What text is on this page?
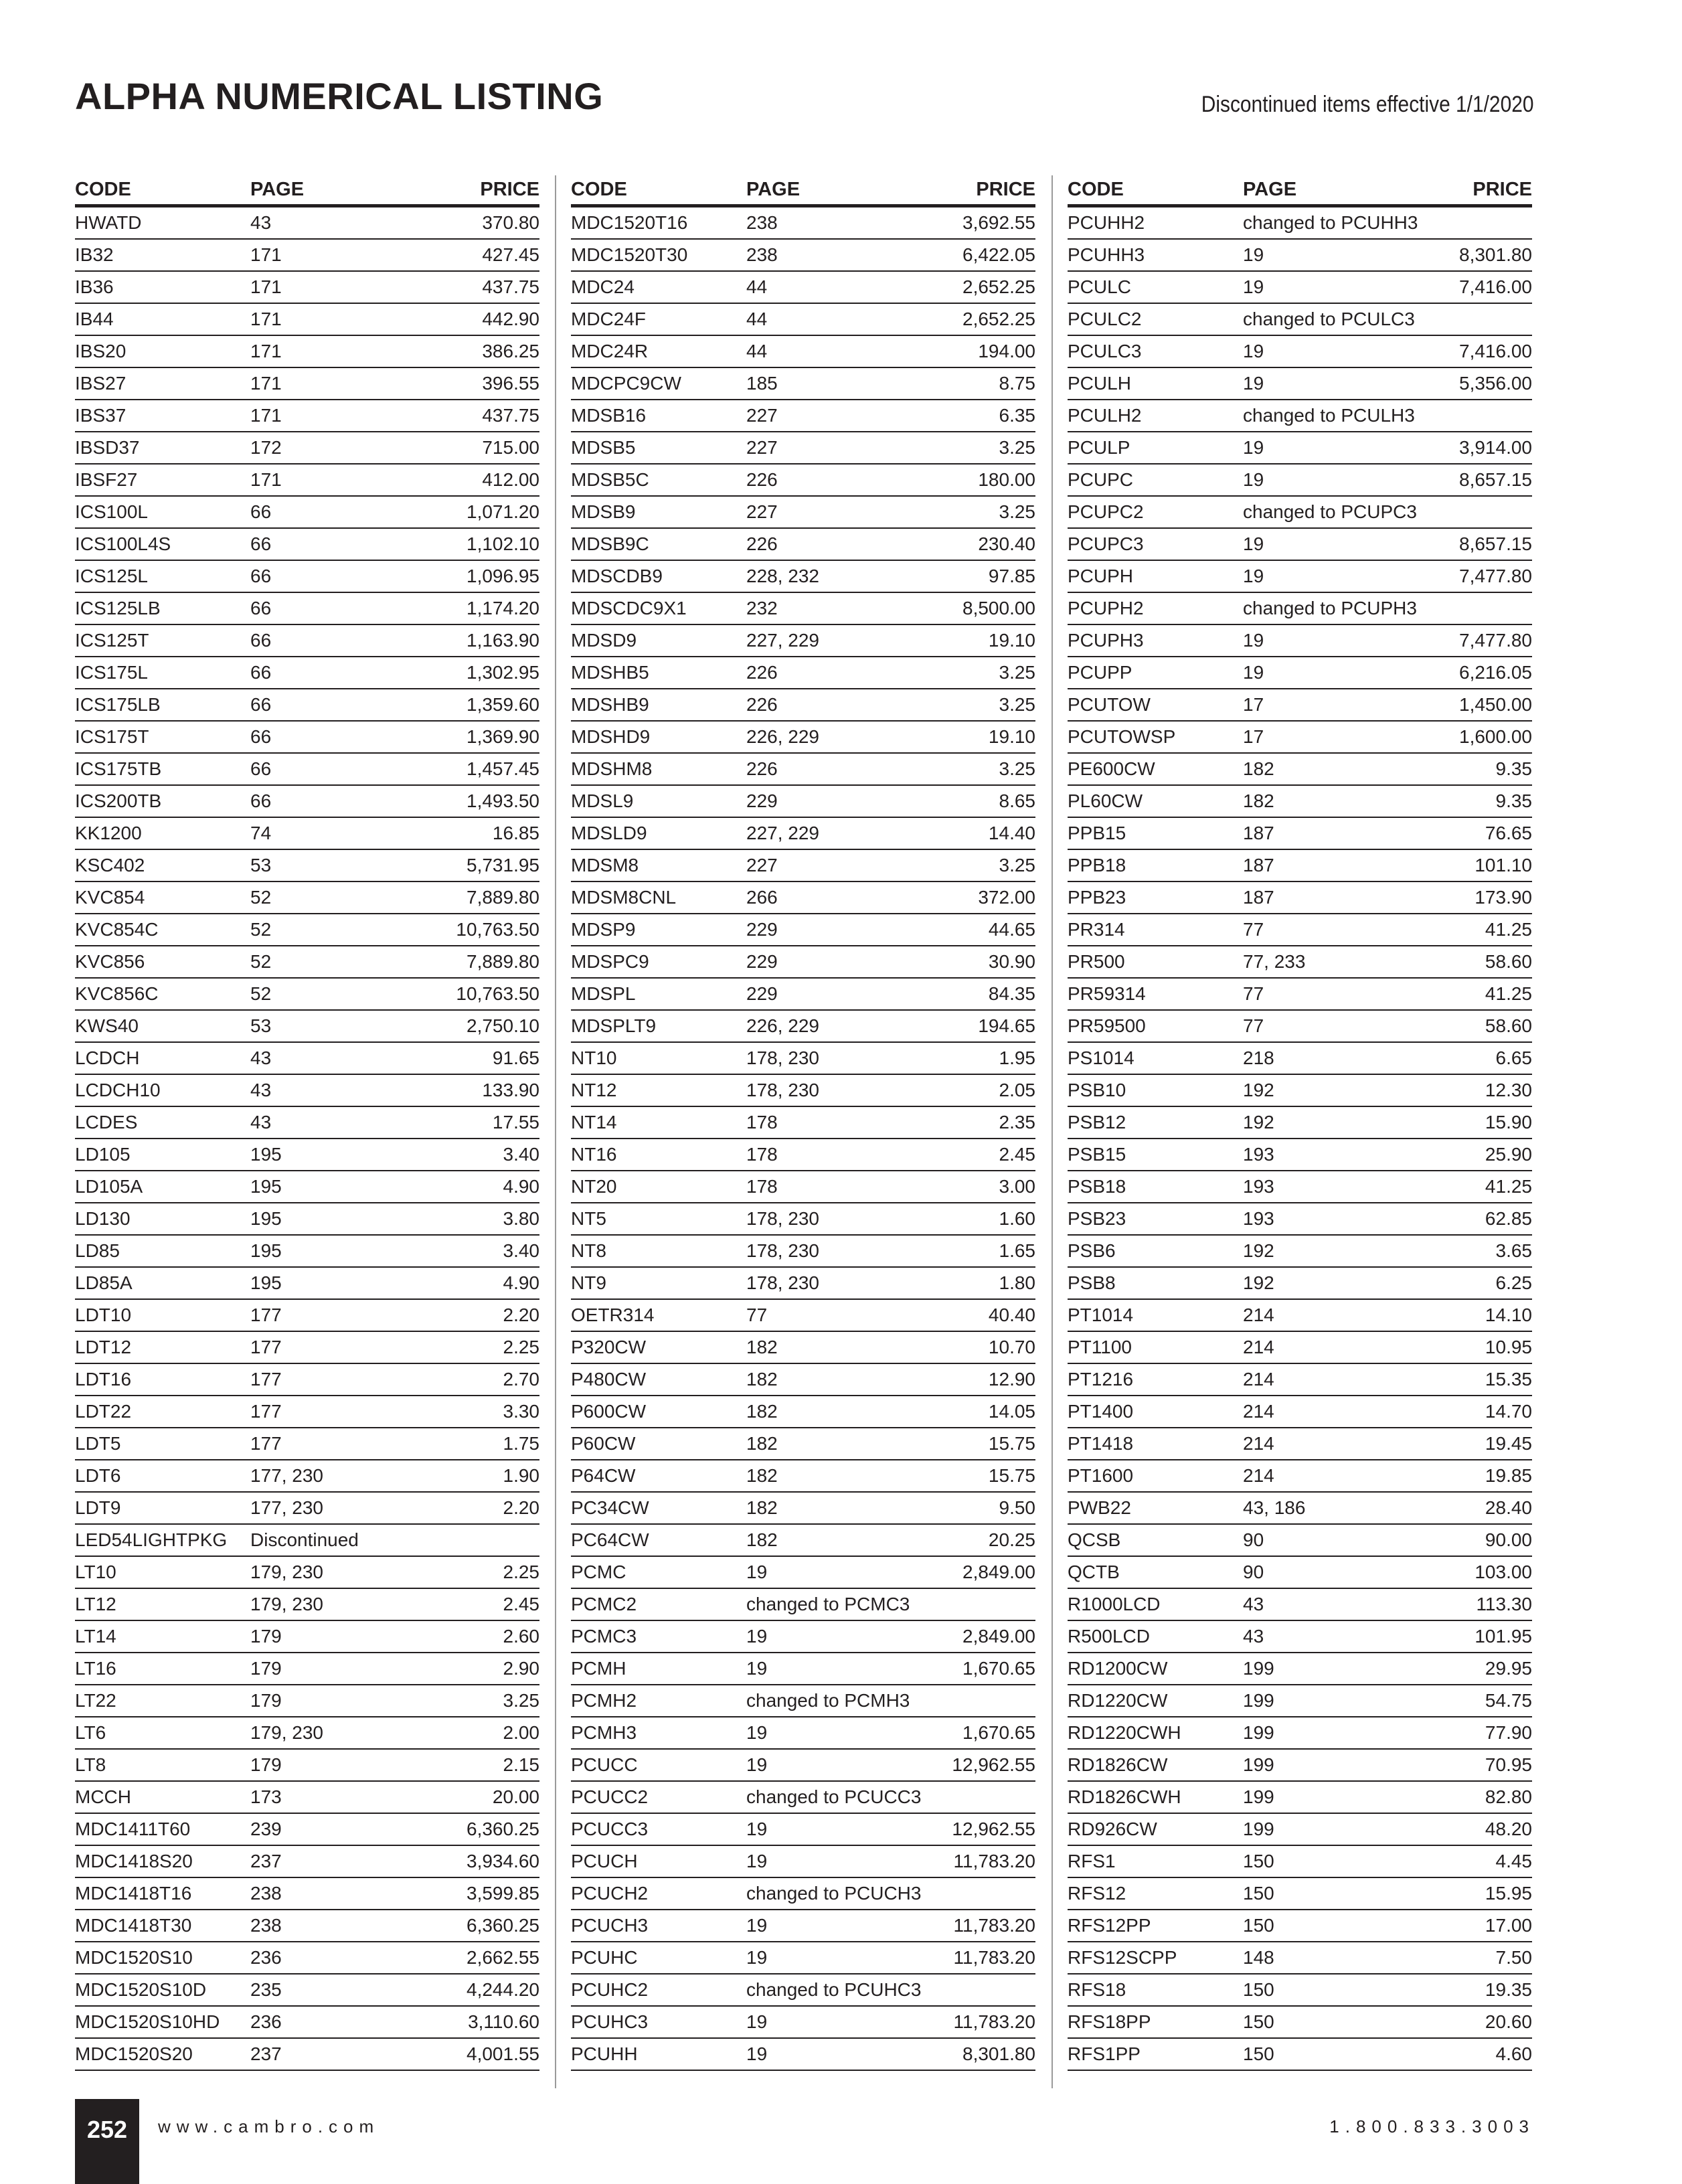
ALPHA NUMERICAL LISTING	Discontinued items effective 1/1/2020
CODE	PAGE	PRICE
HWATD	43	370.80
IB32	171	427.45
IB36	171	437.75
IB44	171	442.90
IBS20	171	386.25
IBS27	171	396.55
IBS37	171	437.75
IBSD37	172	715.00
IBSF27	171	412.00
ICS100L	66	1,071.20
ICS100L4S	66	1,102.10
ICS125L	66	1,096.95
ICS125LB	66	1,174.20
ICS125T	66	1,163.90
ICS175L	66	1,302.95
ICS175LB	66	1,359.60
ICS175T	66	1,369.90
ICS175TB	66	1,457.45
ICS200TB	66	1,493.50
KK1200	74	16.85
KSC402	53	5,731.95
KVC854	52	7,889.80
KVC854C	52	10,763.50
KVC856	52	7,889.80
KVC856C	52	10,763.50
KWS40	53	2,750.10
LCDCH	43	91.65
LCDCH10	43	133.90
LCDES	43	17.55
LD105	195	3.40
LD105A	195	4.90
LD130	195	3.80
LD85	195	3.40
LD85A	195	4.90
LDT10	177	2.20
LDT12	177	2.25
LDT16	177	2.70
LDT22	177	3.30
LDT5	177	1.75
LDT6	177, 230	1.90
LDT9	177, 230	2.20
LED54LIGHTPKG	Discontinued
LT10	179, 230	2.25
LT12	179, 230	2.45
LT14	179	2.60
LT16	179	2.90
LT22	179	3.25
LT6	179, 230	2.00
LT8	179	2.15
MCCH	173	20.00
MDC1411T60	239	6,360.25
MDC1418S20	237	3,934.60
MDC1418T16	238	3,599.85
MDC1418T30	238	6,360.25
MDC1520S10	236	2,662.55
MDC1520S10D	235	4,244.20
MDC1520S10HD	236	3,110.60
MDC1520S20	237	4,001.55
CODE	PAGE	PRICE
MDC1520T16	238	3,692.55
MDC1520T30	238	6,422.05
MDC24	44	2,652.25
MDC24F	44	2,652.25
MDC24R	44	194.00
MDCPC9CW	185	8.75
MDSB16	227	6.35
MDSB5	227	3.25
MDSB5C	226	180.00
MDSB9	227	3.25
MDSB9C	226	230.40
MDSCDB9	228, 232	97.85
MDSCDC9X1	232	8,500.00
MDSD9	227, 229	19.10
MDSHB5	226	3.25
MDSHB9	226	3.25
MDSHD9	226, 229	19.10
MDSHM8	226	3.25
MDSL9	229	8.65
MDSLD9	227, 229	14.40
MDSM8	227	3.25
MDSM8CNL	266	372.00
MDSP9	229	44.65
MDSPC9	229	30.90
MDSPL	229	84.35
MDSPLT9	226, 229	194.65
NT10	178, 230	1.95
NT12	178, 230	2.05
NT14	178	2.35
NT16	178	2.45
NT20	178	3.00
NT5	178, 230	1.60
NT8	178, 230	1.65
NT9	178, 230	1.80
OETR314	77	40.40
P320CW	182	10.70
P480CW	182	12.90
P600CW	182	14.05
P60CW	182	15.75
P64CW	182	15.75
PC34CW	182	9.50
PC64CW	182	20.25
PCMC	19	2,849.00
PCMC2	changed to PCMC3
PCMC3	19	2,849.00
PCMH	19	1,670.65
PCMH2	changed to PCMH3
PCMH3	19	1,670.65
PCUCC	19	12,962.55
PCUCC2	changed to PCUCC3
PCUCC3	19	12,962.55
PCUCH	19	11,783.20
PCUCH2	changed to PCUCH3
PCUCH3	19	11,783.20
PCUHC	19	11,783.20
PCUHC2	changed to PCUHC3
PCUHC3	19	11,783.20
PCUHH	19	8,301.80
CODE	PAGE	PRICE
PCUHH2	changed to PCUHH3
PCUHH3	19	8,301.80
PCULC	19	7,416.00
PCULC2	changed to PCULC3
PCULC3	19	7,416.00
PCULH	19	5,356.00
PCULH2	changed to PCULH3
PCULP	19	3,914.00
PCUPC	19	8,657.15
PCUPC2	changed to PCUPC3
PCUPC3	19	8,657.15
PCUPH	19	7,477.80
PCUPH2	changed to PCUPH3
PCUPH3	19	7,477.80
PCUPP	19	6,216.05
PCUTOW	17	1,450.00
PCUTOWSP	17	1,600.00
PE600CW	182	9.35
PL60CW	182	9.35
PPB15	187	76.65
PPB18	187	101.10
PPB23	187	173.90
PR314	77	41.25
PR500	77, 233	58.60
PR59314	77	41.25
PR59500	77	58.60
PS1014	218	6.65
PSB10	192	12.30
PSB12	192	15.90
PSB15	193	25.90
PSB18	193	41.25
PSB23	193	62.85
PSB6	192	3.65
PSB8	192	6.25
PT1014	214	14.10
PT1100	214	10.95
PT1216	214	15.35
PT1400	214	14.70
PT1418	214	19.45
PT1600	214	19.85
PWB22	43, 186	28.40
QCSB	90	90.00
QCTB	90	103.00
R1000LCD	43	113.30
R500LCD	43	101.95
RD1200CW	199	29.95
RD1220CW	199	54.75
RD1220CWH	199	77.90
RD1826CW	199	70.95
RD1826CWH	199	82.80
RD926CW	199	48.20
RFS1	150	4.45
RFS12	150	15.95
RFS12PP	150	17.00
RFS12SCPP	148	7.50
RFS18	150	19.35
RFS18PP	150	20.60
RFS1PP	150	4.60
252	www.cambro.com	1.800.833.3003
